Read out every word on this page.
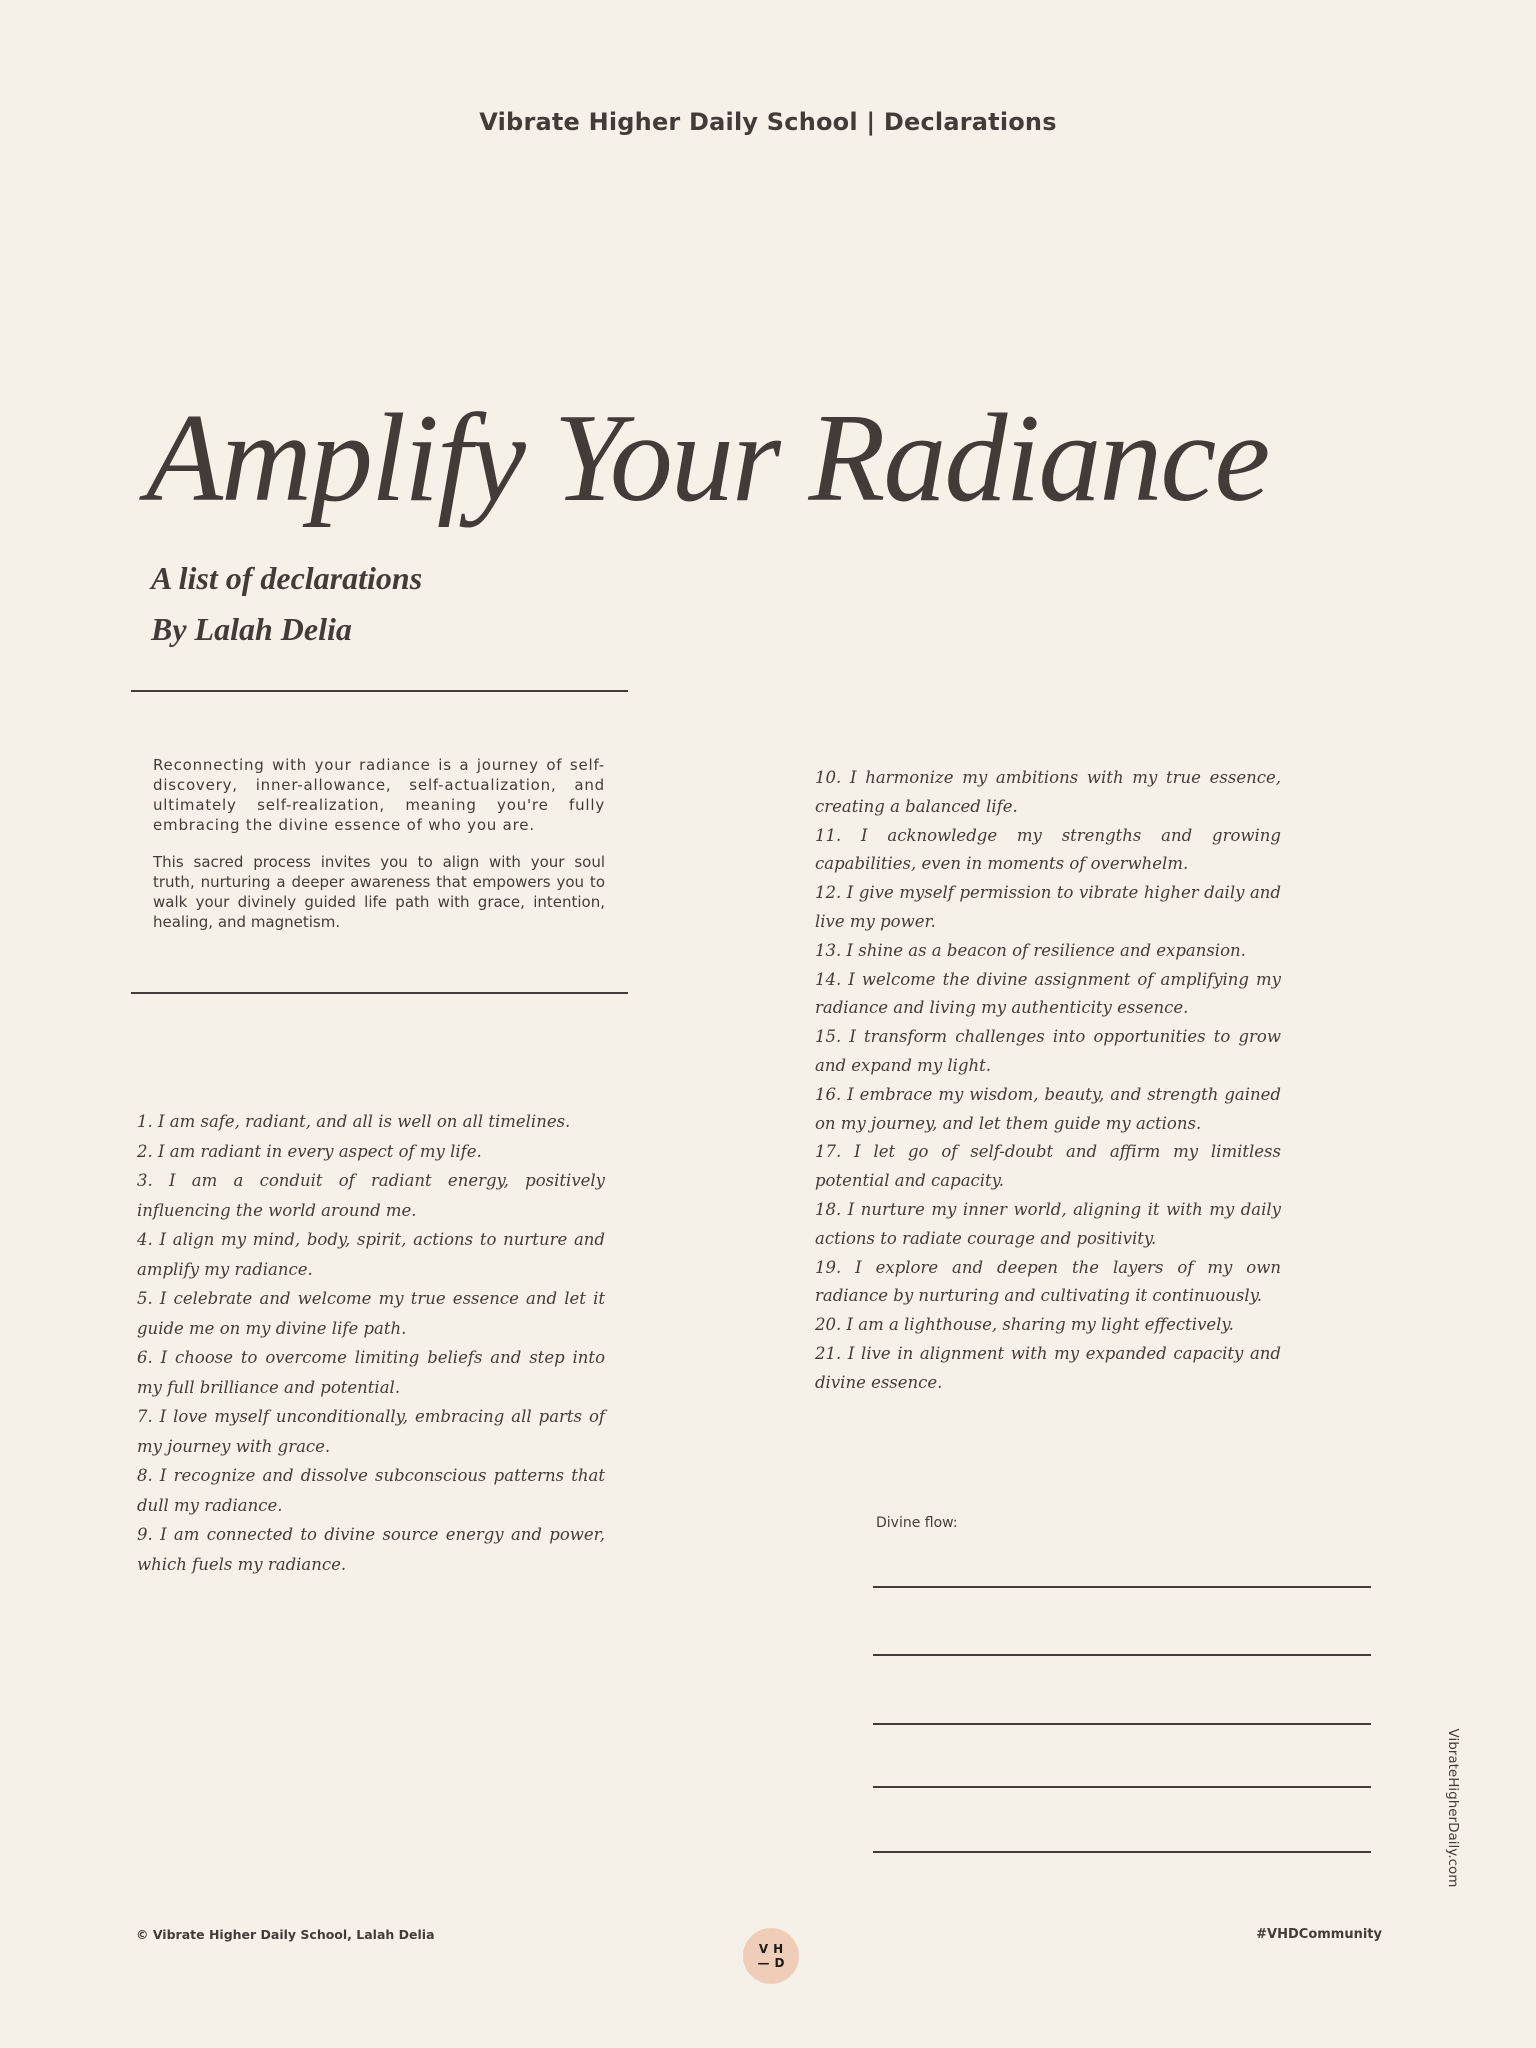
Vibrate Higher Daily School | Declarations
Amplify Your Radiance
A list of declarations
By Lalah Delia

Reconnecting with your radiance is a journey of self-discovery, inner-allowance, self-actualization, and ultimately self-realization, meaning you're fully embracing the divine essence of who you are.

This sacred process invites you to align with your soul truth, nurturing a deeper awareness that empowers you to walk your divinely guided life path with grace, intention, healing, and magnetism.

1. I am safe, radiant, and all is well on all timelines.
2. I am radiant in every aspect of my life.
3. I am a conduit of radiant energy, positively influencing the world around me.
4. I align my mind, body, spirit, actions to nurture and amplify my radiance.
5. I celebrate and welcome my true essence and let it guide me on my divine life path.
6. I choose to overcome limiting beliefs and step into my full brilliance and potential.
7. I love myself unconditionally, embracing all parts of my journey with grace.
8. I recognize and dissolve subconscious patterns that dull my radiance.
9. I am connected to divine source energy and power, which fuels my radiance.
10. I harmonize my ambitions with my true essence, creating a balanced life.
11. I acknowledge my strengths and growing capabilities, even in moments of overwhelm.
12. I give myself permission to vibrate higher daily and live my power.
13. I shine as a beacon of resilience and expansion.
14. I welcome the divine assignment of amplifying my radiance and living my authenticity essence.
15. I transform challenges into opportunities to grow and expand my light.
16. I embrace my wisdom, beauty, and strength gained on my journey, and let them guide my actions.
17. I let go of self-doubt and affirm my limitless potential and capacity.
18. I nurture my inner world, aligning it with my daily actions to radiate courage and positivity.
19. I explore and deepen the layers of my own radiance by nurturing and cultivating it continuously.
20. I am a lighthouse, sharing my light effectively.
21. I live in alignment with my expanded capacity and divine essence.
Divine flow:
VibrateHigherDaily.com
© Vibrate Higher Daily School, Lalah Delia
VH
—D
#VHDCommunity
